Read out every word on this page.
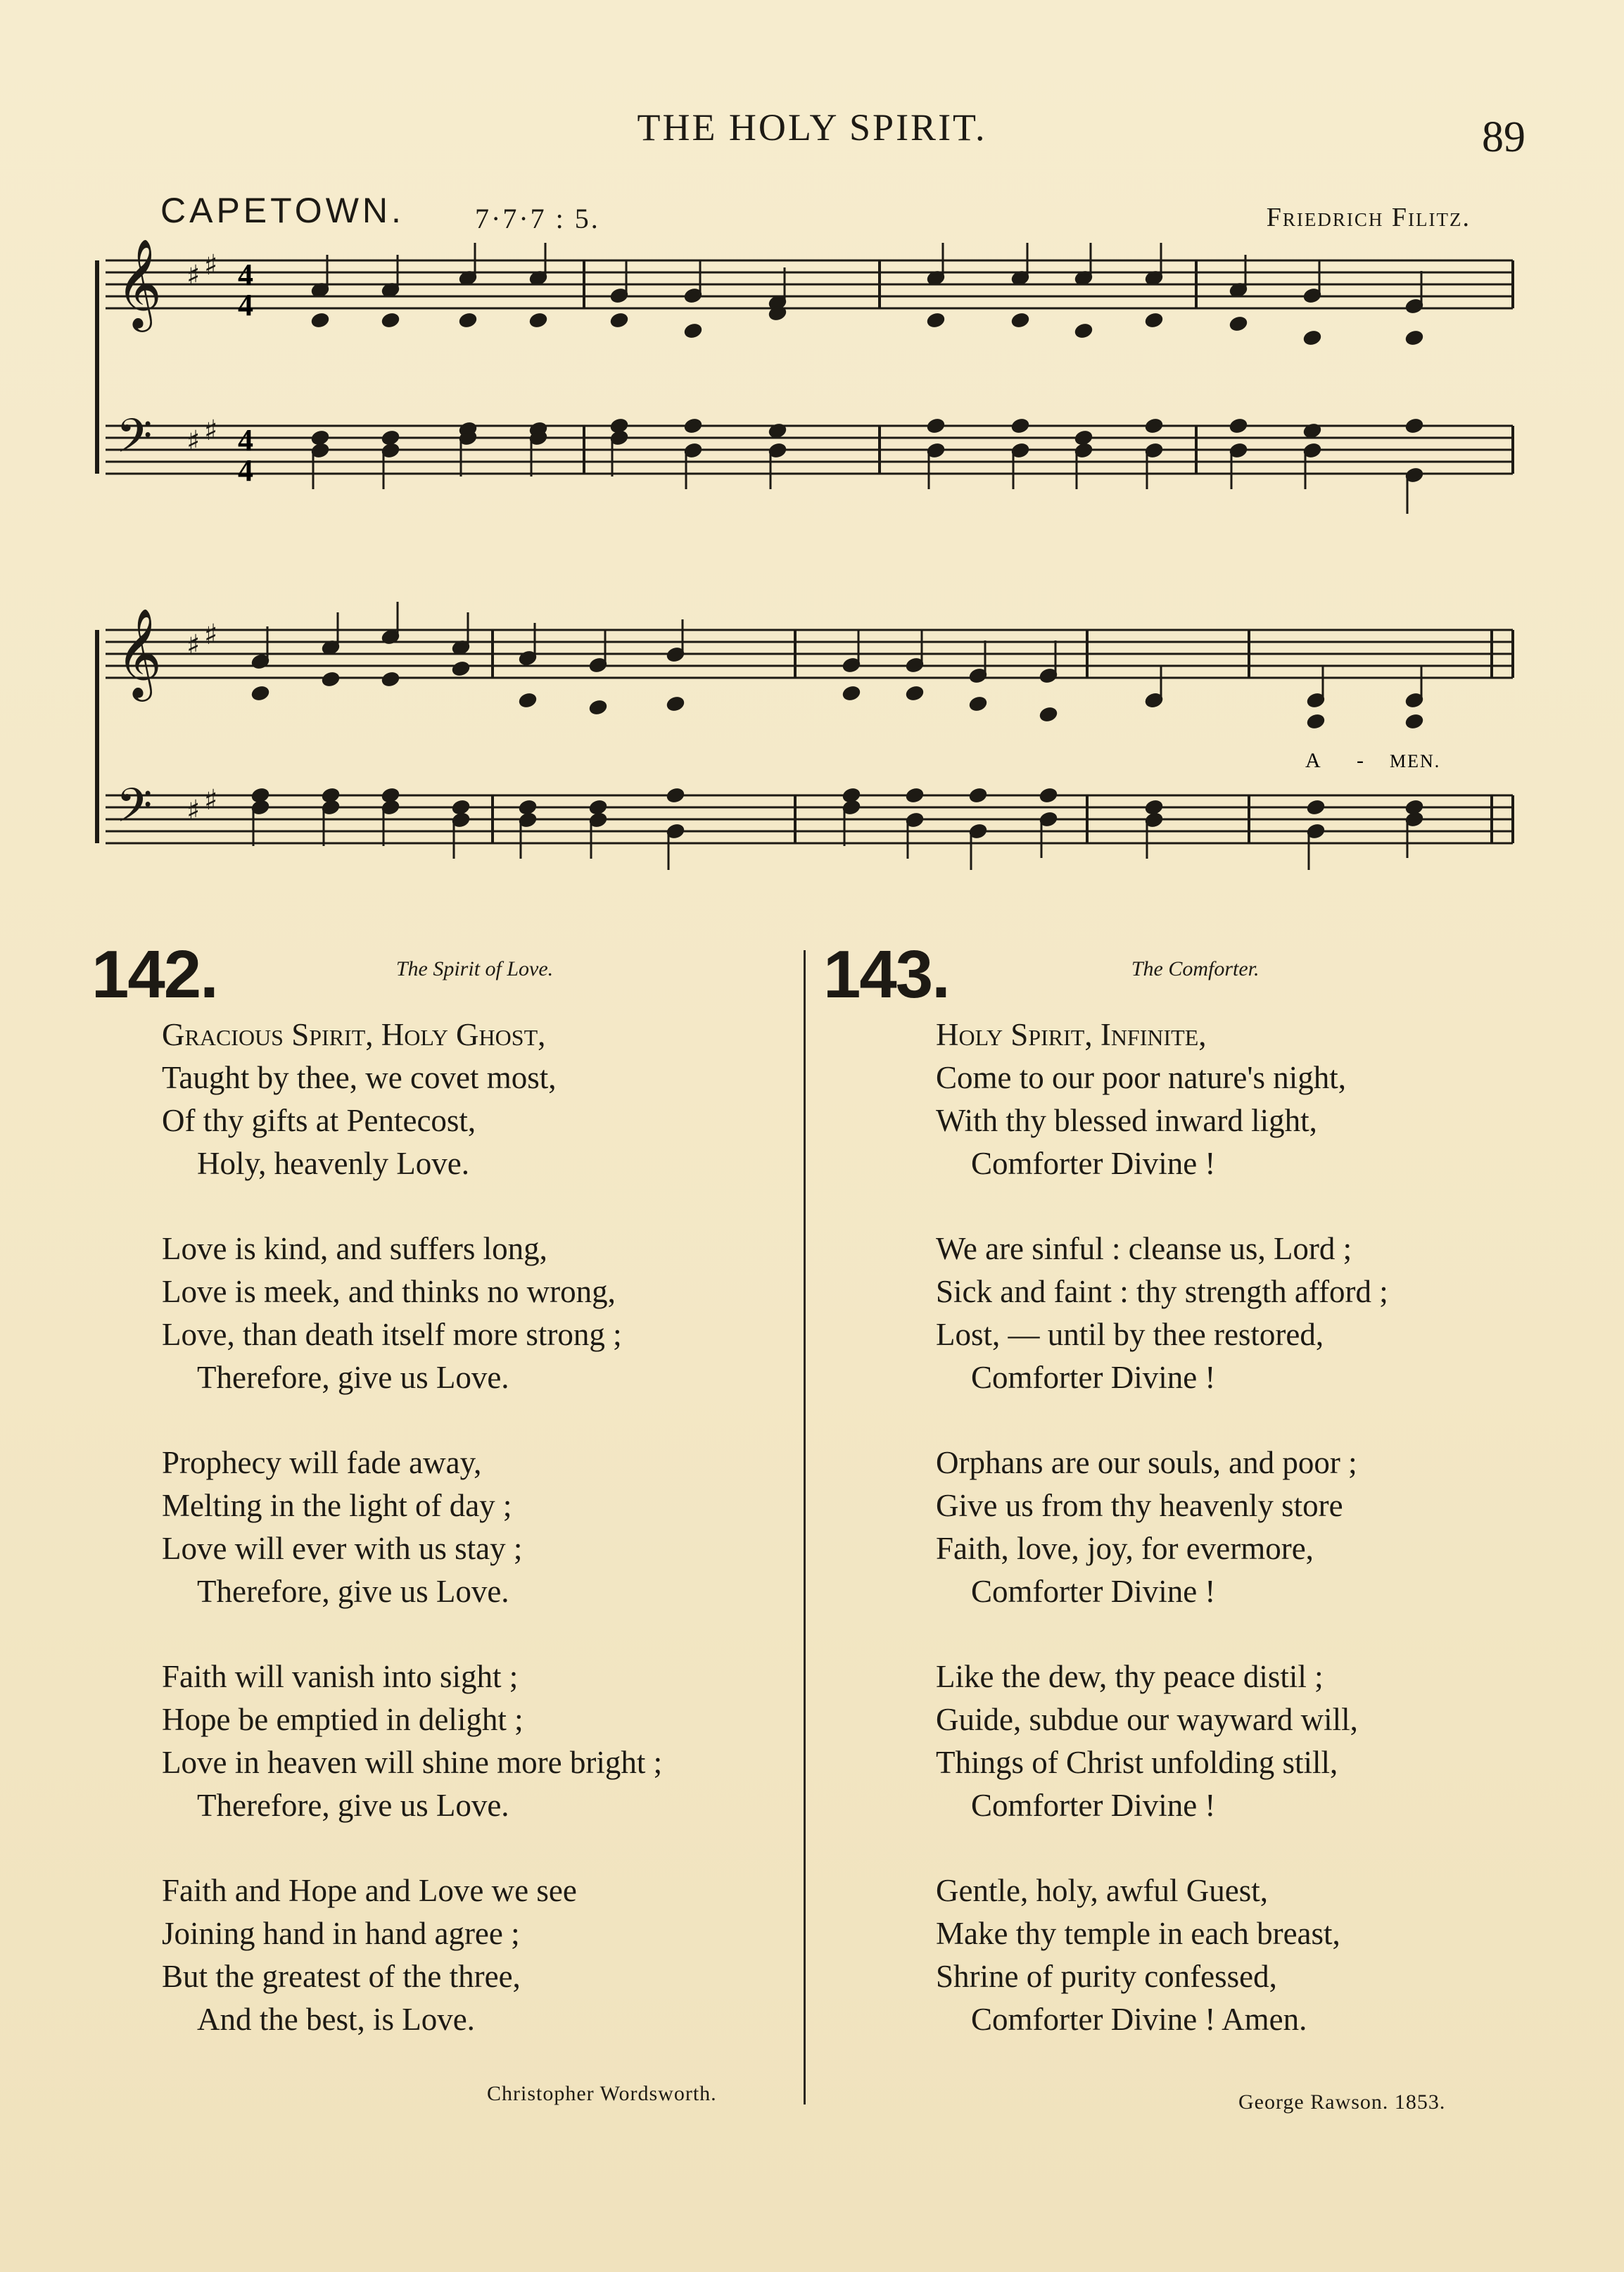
THE HOLY SPIRIT.	89
CAPETOWN.	7·7·7 : 5.	Friedrich Filitz.
𝄞
𝄞
𝄢
𝄢
♯ ♯
♯ ♯
♯ ♯
♯ ♯
4
4
4
4
A - MEN.
142.	The Spirit of Love.
Gracious Spirit, Holy Ghost,
Taught by thee, we covet most,
Of thy gifts at Pentecost,
Holy, heavenly Love.
Love is kind, and suffers long,
Love is meek, and thinks no wrong,
Love, than death itself more strong ;
Therefore, give us Love.
Prophecy will fade away,
Melting in the light of day ;
Love will ever with us stay ;
Therefore, give us Love.
Faith will vanish into sight ;
Hope be emptied in delight ;
Love in heaven will shine more bright ;
Therefore, give us Love.
Faith and Hope and Love we see
Joining hand in hand agree ;
But the greatest of the three,
And the best, is Love.
Christopher Wordsworth.
143.	The Comforter.
Holy Spirit, Infinite,
Come to our poor nature's night,
With thy blessed inward light,
Comforter Divine !
We are sinful : cleanse us, Lord ;
Sick and faint : thy strength afford ;
Lost, — until by thee restored,
Comforter Divine !
Orphans are our souls, and poor ;
Give us from thy heavenly store
Faith, love, joy, for evermore,
Comforter Divine !
Like the dew, thy peace distil ;
Guide, subdue our wayward will,
Things of Christ unfolding still,
Comforter Divine !
Gentle, holy, awful Guest,
Make thy temple in each breast,
Shrine of purity confessed,
Comforter Divine ! Amen.
George Rawson. 1853.
